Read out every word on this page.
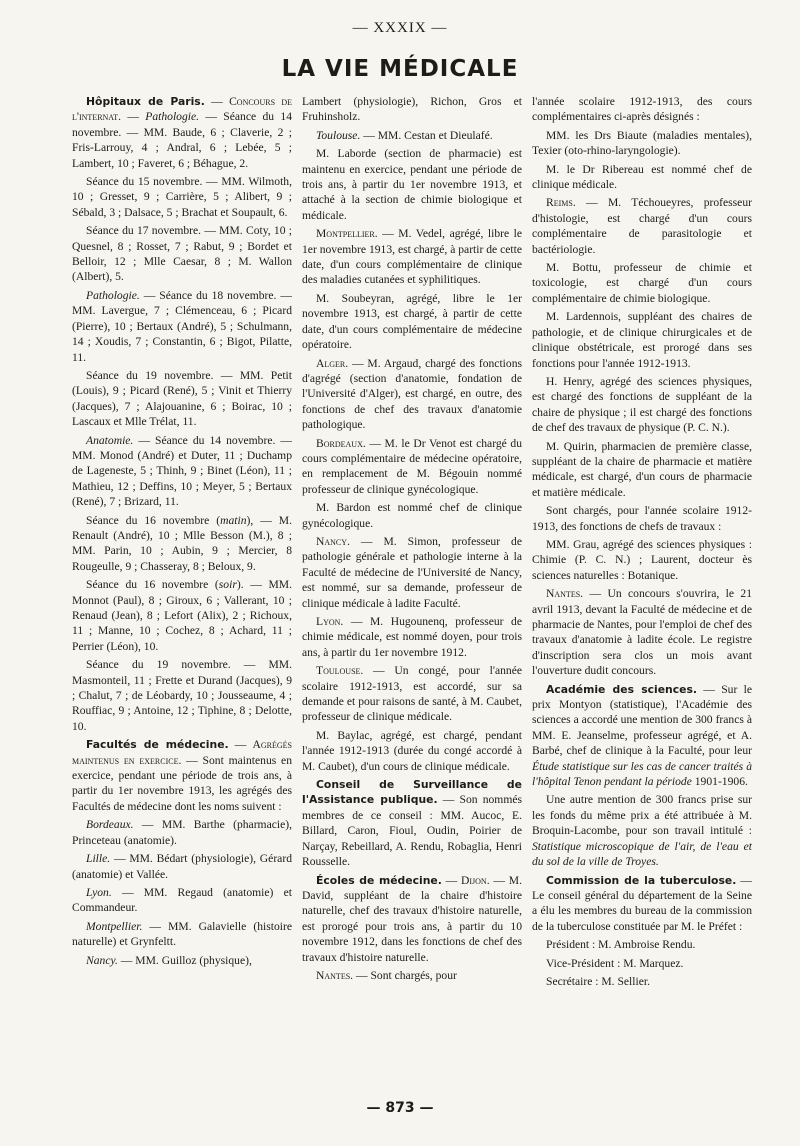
— XXXIX —
LA VIE MÉDICALE

Hôpitaux de Paris. — Concours de l'internat. — Pathologie. — Séance du 14 novembre. — MM. Baude, 6 ; Claverie, 2 ; Fris-Larrouy, 4 ; Andral, 6 ; Lebée, 5 ; Lambert, 10 ; Faveret, 6 ; Béhague, 2.

Séance du 15 novembre. — MM. Wilmoth, 10 ; Gresset, 9 ; Carrière, 5 ; Alibert, 9 ; Sébald, 3 ; Dalsace, 5 ; Brachat et Soupault, 6.

Séance du 17 novembre. — MM. Coty, 10 ; Quesnel, 8 ; Rosset, 7 ; Rabut, 9 ; Bordet et Belloir, 12 ; Mlle Caesar, 8 ; M. Wallon (Albert), 5.

Pathologie. — Séance du 18 novembre. — MM. Lavergue, 7 ; Clémenceau, 6 ; Picard (Pierre), 10 ; Bertaux (André), 5 ; Schulmann, 14 ; Xoudis, 7 ; Constantin, 6 ; Bigot, Pilatte, 11.

Séance du 19 novembre. — MM. Petit (Louis), 9 ; Picard (René), 5 ; Vinit et Thierry (Jacques), 7 ; Alajouanine, 6 ; Boirac, 10 ; Lascaux et Mlle Trélat, 11.

Anatomie. — Séance du 14 novembre. — MM. Monod (André) et Duter, 11 ; Duchamp de Lageneste, 5 ; Thinh, 9 ; Binet (Léon), 11 ; Mathieu, 12 ; Deffins, 10 ; Meyer, 5 ; Bertaux (René), 7 ; Brizard, 11.

Séance du 16 novembre (matin), — M. Renault (André), 10 ; Mlle Besson (M.), 8 ; MM. Parin, 10 ; Aubin, 9 ; Mercier, 8 Rougeulle, 9 ; Chasseray, 8 ; Beloux, 9.

Séance du 16 novembre (soir). — MM. Monnot (Paul), 8 ; Giroux, 6 ; Vallerant, 10 ; Renaud (Jean), 8 ; Lefort (Alix), 2 ; Richoux, 11 ; Manne, 10 ; Cochez, 8 ; Achard, 11 ; Perrier (Léon), 10.

Séance du 19 novembre. — MM. Masmonteil, 11 ; Frette et Durand (Jacques), 9 ; Chalut, 7 ; de Léobardy, 10 ; Jousseaume, 4 ; Rouffiac, 9 ; Antoine, 12 ; Tiphine, 8 ; Delotte, 10.

Facultés de médecine. — Agrégés maintenus en exercice. — Sont maintenus en exercice, pendant une période de trois ans, à partir du 1er novembre 1913, les agrégés des Facultés de médecine dont les noms suivent :

Bordeaux. — MM. Barthe (pharmacie), Princeteau (anatomie).

Lille. — MM. Bédart (physiologie), Gérard (anatomie) et Vallée.

Lyon. — MM. Regaud (anatomie) et Commandeur.

Montpellier. — MM. Galavielle (histoire naturelle) et Grynfeltt.

Nancy. — MM. Guilloz (physique),

Lambert (physiologie), Richon, Gros et Fruhinsholz.

Toulouse. — MM. Cestan et Dieulafé.

M. Laborde (section de pharmacie) est maintenu en exercice, pendant une période de trois ans, à partir du 1er novembre 1913, et attaché à la section de chimie biologique et médicale.

Montpellier. — M. Vedel, agrégé, libre le 1er novembre 1913, est chargé, à partir de cette date, d'un cours complémentaire de clinique des maladies cutanées et syphilitiques.

M. Soubeyran, agrégé, libre le 1er novembre 1913, est chargé, à partir de cette date, d'un cours complémentaire de médecine opératoire.

Alger. — M. Argaud, chargé des fonctions d'agrégé (section d'anatomie, fondation de l'Université d'Alger), est chargé, en outre, des fonctions de chef des travaux d'anatomie pathologique.

Bordeaux. — M. le Dr Venot est chargé du cours complémentaire de médecine opératoire, en remplacement de M. Bégouin nommé professeur de clinique gynécologique.

M. Bardon est nommé chef de clinique gynécologique.

Nancy. — M. Simon, professeur de pathologie générale et pathologie interne à la Faculté de médecine de l'Université de Nancy, est nommé, sur sa demande, professeur de clinique médicale à ladite Faculté.

Lyon. — M. Hugounenq, professeur de chimie médicale, est nommé doyen, pour trois ans, à partir du 1er novembre 1912.

Toulouse. — Un congé, pour l'année scolaire 1912-1913, est accordé, sur sa demande et pour raisons de santé, à M. Caubet, professeur de clinique médicale.

M. Baylac, agrégé, est chargé, pendant l'année 1912-1913 (durée du congé accordé à M. Caubet), d'un cours de clinique médicale.

Conseil de Surveillance de l'Assistance publique. — Son nommés membres de ce conseil : MM. Aucoc, E. Billard, Caron, Fioul, Oudin, Poirier de Narçay, Rebeillard, A. Rendu, Robaglia, Henri Rousselle.

Écoles de médecine. — Dijon. — M. David, suppléant de la chaire d'histoire naturelle, chef des travaux d'histoire naturelle, est prorogé pour trois ans, à partir du 10 novembre 1912, dans les fonctions de chef des travaux d'histoire naturelle.

Nantes. — Sont chargés, pour

l'année scolaire 1912-1913, des cours complémentaires ci-après désignés :

MM. les Drs Biaute (maladies mentales), Texier (oto-rhino-laryngologie).

M. le Dr Ribereau est nommé chef de clinique médicale.

Reims. — M. Téchoueyres, professeur d'histologie, est chargé d'un cours complémentaire de parasitologie et bactériologie.

M. Bottu, professeur de chimie et toxicologie, est chargé d'un cours complémentaire de chimie biologique.

M. Lardennois, suppléant des chaires de pathologie, et de clinique chirurgicales et de clinique obstétricale, est prorogé dans ses fonctions pour l'année 1912-1913.

H. Henry, agrégé des sciences physiques, est chargé des fonctions de suppléant de la chaire de physique ; il est chargé des fonctions de chef des travaux de physique (P. C. N.).

M. Quirin, pharmacien de première classe, suppléant de la chaire de pharmacie et matière médicale, est chargé, d'un cours de pharmacie et matière médicale.

Sont chargés, pour l'année scolaire 1912-1913, des fonctions de chefs de travaux :

MM. Grau, agrégé des sciences physiques : Chimie (P. C. N.) ; Laurent, docteur ès sciences naturelles : Botanique.

Nantes. — Un concours s'ouvrira, le 21 avril 1913, devant la Faculté de médecine et de pharmacie de Nantes, pour l'emploi de chef des travaux d'anatomie à ladite école. Le registre d'inscription sera clos un mois avant l'ouverture dudit concours.

Académie des sciences. — Sur le prix Montyon (statistique), l'Académie des sciences a accordé une mention de 300 francs à MM. E. Jeanselme, professeur agrégé, et A. Barbé, chef de clinique à la Faculté, pour leur Étude statistique sur les cas de cancer traités à l'hôpital Tenon pendant la période 1901-1906.

Une autre mention de 300 francs prise sur les fonds du même prix a été attribuée à M. Broquin-Lacombe, pour son travail intitulé : Statistique microscopique de l'air, de l'eau et du sol de la ville de Troyes.

Commission de la tuberculose. — Le conseil général du département de la Seine a élu les membres du bureau de la commission de la tuberculose constituée par M. le Préfet :

Président : M. Ambroise Rendu.

Vice-Président : M. Marquez.

Secrétaire : M. Sellier.

— 873 —
